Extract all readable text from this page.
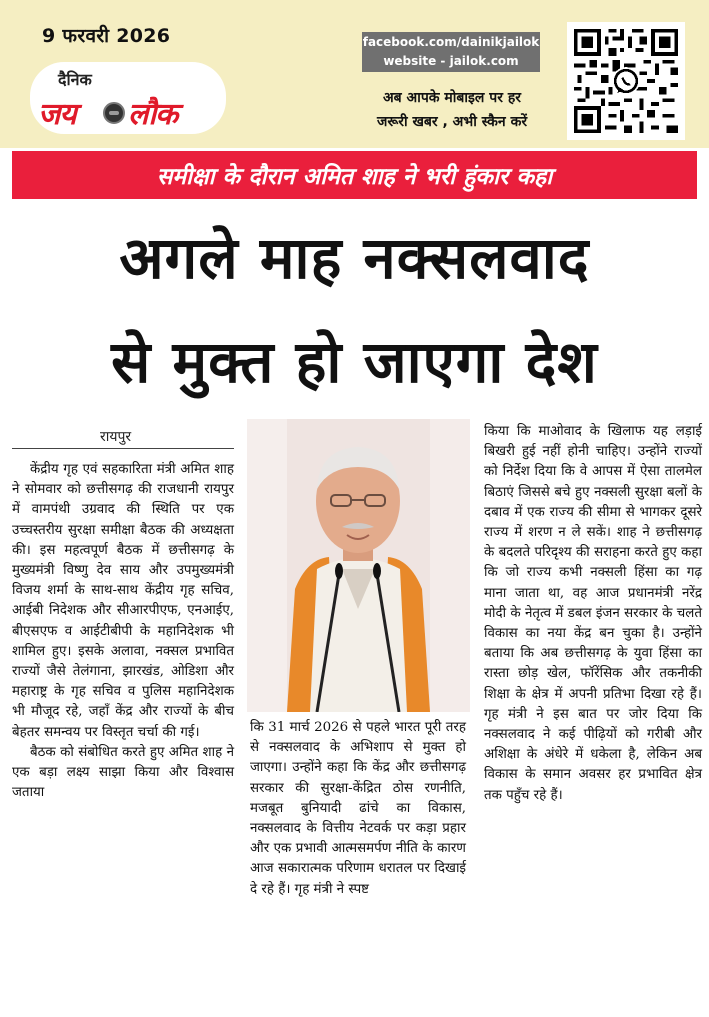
9 फरवरी 2026
दैनिक
जय लौक
facebook.com/dainikjailok
website - jailok.com
अब आपके मोबाइल पर हर
जरूरी खबर , अभी स्कैन करें
समीक्षा के दौरान अमित शाह ने भरी हुंकार कहा
अगले माह नक्सलवाद
से मुक्त हो जाएगा देश
रायपुर

केंद्रीय गृह एवं सहकारिता मंत्री अमित शाह ने सोमवार को छत्तीसगढ़ की राजधानी रायपुर में वामपंथी उग्रवाद की स्थिति पर एक उच्चस्तरीय सुरक्षा समीक्षा बैठक की अध्यक्षता की। इस महत्वपूर्ण बैठक में छत्तीसगढ़ के मुख्यमंत्री विष्णु देव साय और उपमुख्यमंत्री विजय शर्मा के साथ-साथ केंद्रीय गृह सचिव, आईबी निदेशक और सीआरपीएफ, एनआईए, बीएसएफ व आईटीबीपी के महानिदेशक भी शामिल हुए। इसके अलावा, नक्सल प्रभावित राज्यों जैसे तेलंगाना, झारखंड, ओडिशा और महाराष्ट्र के गृह सचिव व पुलिस महानिदेशक भी मौजूद रहे, जहाँ केंद्र और राज्यों के बीच बेहतर समन्वय पर विस्तृत चर्चा की गई।

बैठक को संबोधित करते हुए अमित शाह ने एक बड़ा लक्ष्य साझा किया और विश्वास जताया

कि 31 मार्च 2026 से पहले भारत पूरी तरह से नक्सलवाद के अभिशाप से मुक्त हो जाएगा। उन्होंने कहा कि केंद्र और छत्तीसगढ़ सरकार की सुरक्षा-केंद्रित ठोस रणनीति, मजबूत बुनियादी ढांचे का विकास, नक्सलवाद के वित्तीय नेटवर्क पर कड़ा प्रहार और एक प्रभावी आत्मसमर्पण नीति के कारण आज सकारात्मक परिणाम धरातल पर दिखाई दे रहे हैं। गृह मंत्री ने स्पष्ट

किया कि माओवाद के खिलाफ यह लड़ाई बिखरी हुई नहीं होनी चाहिए। उन्होंने राज्यों को निर्देश दिया कि वे आपस में ऐसा तालमेल बिठाएं जिससे बचे हुए नक्सली सुरक्षा बलों के दबाव में एक राज्य की सीमा से भागकर दूसरे राज्य में शरण न ले सकें। शाह ने छत्तीसगढ़ के बदलते परिदृश्य की सराहना करते हुए कहा कि जो राज्य कभी नक्सली हिंसा का गढ़ माना जाता था, वह आज प्रधानमंत्री नरेंद्र मोदी के नेतृत्व में डबल इंजन सरकार के चलते विकास का नया केंद्र बन चुका है। उन्होंने बताया कि अब छत्तीसगढ़ के युवा हिंसा का रास्ता छोड़ खेल, फॉरेंसिक और तकनीकी शिक्षा के क्षेत्र में अपनी प्रतिभा दिखा रहे हैं। गृह मंत्री ने इस बात पर जोर दिया कि नक्सलवाद ने कई पीढ़ियों को गरीबी और अशिक्षा के अंधेरे में धकेला है, लेकिन अब विकास के समान अवसर हर प्रभावित क्षेत्र तक पहुँच रहे हैं।
